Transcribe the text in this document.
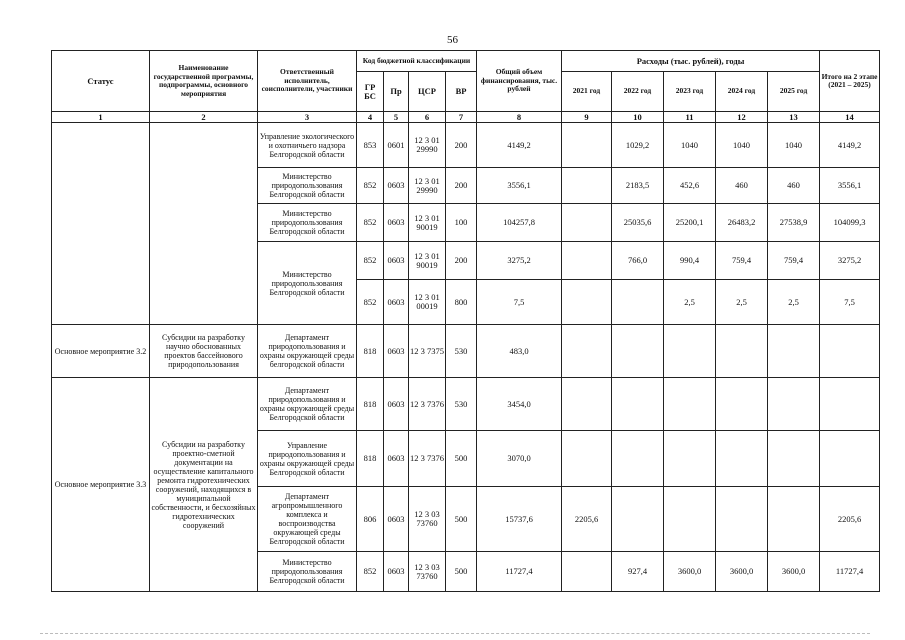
56
Статус	Наименование государственной программы, подпрограммы, основного мероприятия	Ответственный исполнитель, соисполнители, участники	Код бюджетной классификации				Общий объем финансирования, тыс. рублей	Расходы (тыс. рублей), годы					Итого на 2 этапе (2021 – 2025)
			ГР БС	Пр	ЦСР	ВР		2021 год	2022 год	2023 год	2024 год	2025 год	
1	2	3	4	5	6	7	8	9	10	11	12	13	14
		Управление экологического и охотничьего надзора Белгородской области	853	0601	12 3 01 29990	200	4149,2		1029,2	1040	1040	1040	4149,2
		Министерство природопользования Белгородской области	852	0603	12 3 01 29990	200	3556,1		2183,5	452,6	460	460	3556,1
		Министерство природопользования Белгородской области	852	0603	12 3 01 90019	100	104257,8		25035,6	25200,1	26483,2	27538,9	104099,3
		Министерство природопользования Белгородской области	852	0603	12 3 01 90019	200	3275,2		766,0	990,4	759,4	759,4	3275,2
			852	0603	12 3 01 00019	800	7,5			2,5	2,5	2,5	7,5
Основное мероприятие 3.2	Субсидии на разработку научно обоснованных проектов бассейнового природопользования	Департамент природопользования и охраны окружающей среды белгородской области	818	0603	12 3 7375	530	483,0						
Основное мероприятие 3.3	Субсидии на разработку проектно-сметной документации на осуществление капитального ремонта гидротехнических сооружений, находящихся в муниципальной собственности, и бесхозяйных гидротехнических сооружений	Департамент природопользования и охраны окружающей среды Белгородской области	818	0603	12 3 7376	530	3454,0						
		Управление природопользования и охраны окружающей среды Белгородской области	818	0603	12 3 7376	500	3070,0						
		Департамент агропромышленного комплекса и воспроизводства окружающей среды Белгородской области	806	0603	12 3 03 73760	500	15737,6	2205,6					2205,6
		Министерство природопользования Белгородской области	852	0603	12 3 03 73760	500	11727,4		927,4	3600,0	3600,0	3600,0	11727,4
